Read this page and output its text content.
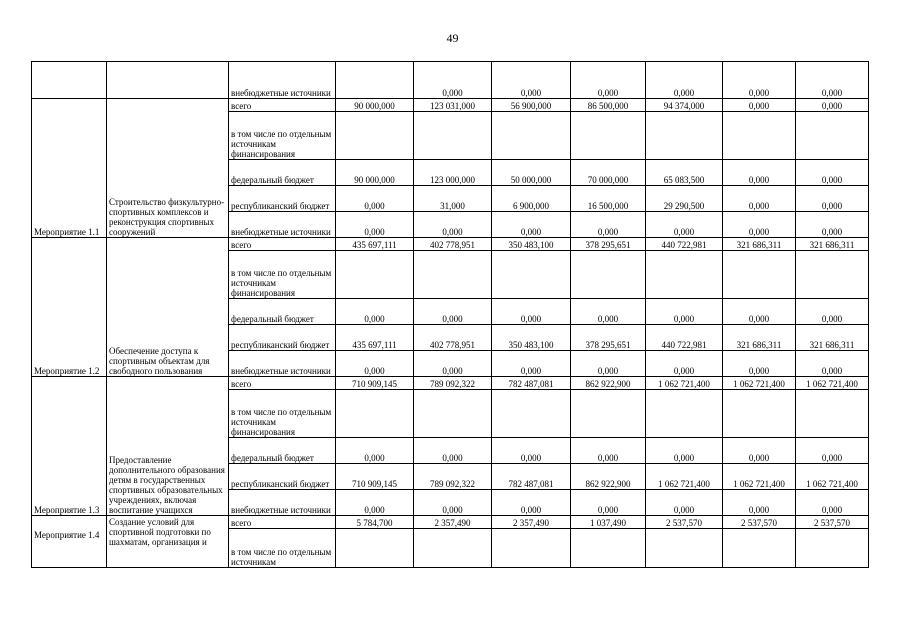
49
		внебюджетные источники		0,000	0,000	0,000	0,000	0,000	0,000
Мероприятие 1.1	Строительство физкультурно-спортивных комплексов и реконструкция спортивных сооружений	всего	90 000,000	123 031,000	56 900,000	86 500,000	94 374,000	0,000	0,000
		в том числе по отдельным источникам финансирования							
		федеральный бюджет	90 000,000	123 000,000	50 000,000	70 000,000	65 083,500	0,000	0,000
		республиканский бюджет	0,000	31,000	6 900,000	16 500,000	29 290,500	0,000	0,000
		внебюджетные источники	0,000	0,000	0,000	0,000	0,000	0,000	0,000
Мероприятие 1.2	Обеспечение доступа к спортивным объектам для свободного пользования	всего	435 697,111	402 778,951	350 483,100	378 295,651	440 722,981	321 686,311	321 686,311
		в том числе по отдельным источникам финансирования							
		федеральный бюджет	0,000	0,000	0,000	0,000	0,000	0,000	0,000
		республиканский бюджет	435 697,111	402 778,951	350 483,100	378 295,651	440 722,981	321 686,311	321 686,311
		внебюджетные источники	0,000	0,000	0,000	0,000	0,000	0,000	0,000
Мероприятие 1.3	Предоставление дополнительного образования детям в государственных спортивных образовательных учреждениях, включая воспитание учащихся	всего	710 909,145	789 092,322	782 487,081	862 922,900	1 062 721,400	1 062 721,400	1 062 721,400
		в том числе по отдельным источникам финансирования							
		федеральный бюджет	0,000	0,000	0,000	0,000	0,000	0,000	0,000
		республиканский бюджет	710 909,145	789 092,322	782 487,081	862 922,900	1 062 721,400	1 062 721,400	1 062 721,400
		внебюджетные источники	0,000	0,000	0,000	0,000	0,000	0,000	0,000
Мероприятие 1.4	Создание условий для спортивной подготовки по шахматам, организация и	всего	5 784,700	2 357,490	2 357,490	1 037,490	2 537,570	2 537,570	2 537,570
		в том числе по отдельным источникам							
